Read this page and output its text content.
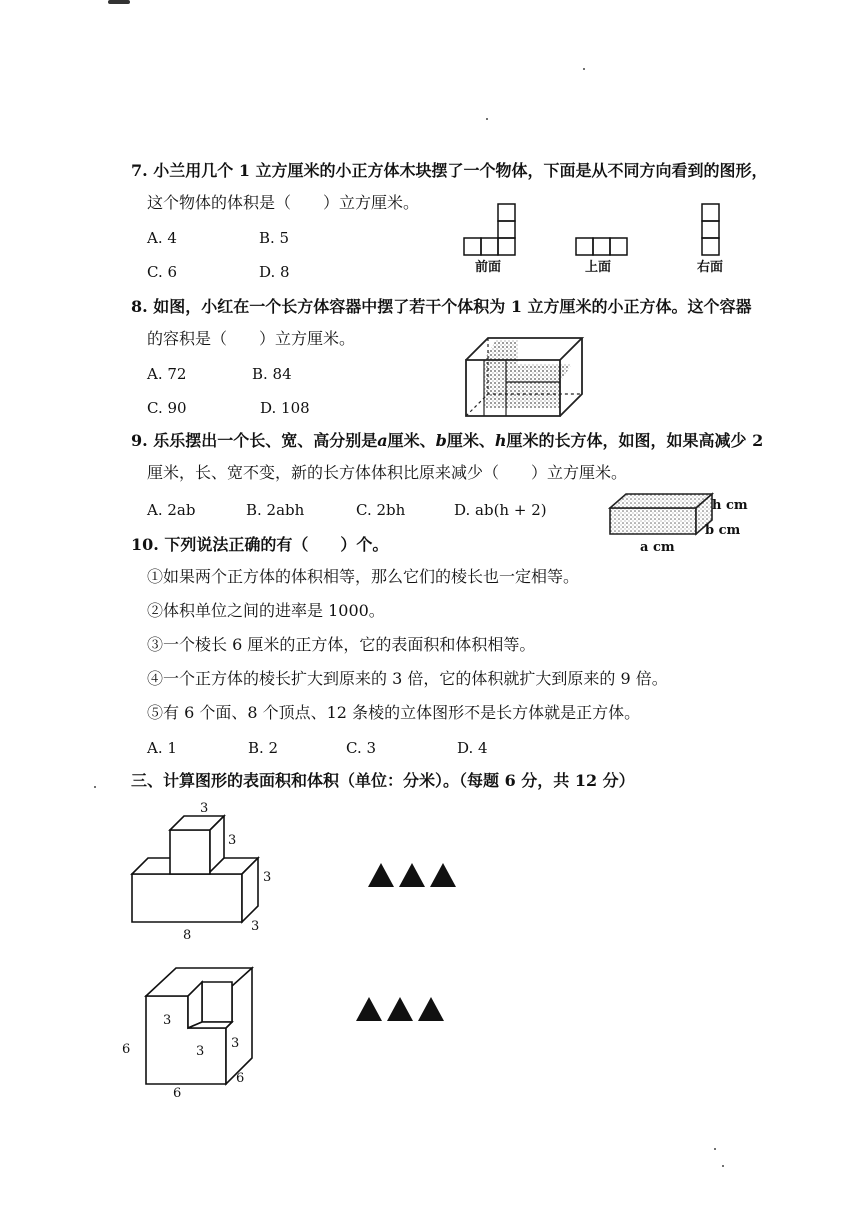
7. 小兰用几个 1 立方厘米的小正方体木块摆了一个物体，下面是从不同方向看到的图形，
这个物体的体积是（　　）立方厘米。
A. 4	B. 5
C. 6	D. 8	前面	上面	右面
8. 如图，小红在一个长方体容器中摆了若干个体积为 1 立方厘米的小正方体。这个容器
的容积是（　　）立方厘米。
A. 72	B. 84
C. 90	D. 108
9. 乐乐摆出一个长、宽、高分别是a厘米、b厘米、h厘米的长方体，如图，如果高减少 2
厘米，长、宽不变，新的长方体体积比原来减少（　　）立方厘米。
A. 2ab	B. 2abh	C. 2bh	D. ab(h + 2)	h cm
b cm
a cm
10. 下列说法正确的有（　　）个。
①如果两个正方体的体积相等，那么它们的棱长也一定相等。
②体积单位之间的进率是 1000。
③一个棱长 6 厘米的正方体，它的表面积和体积相等。
④一个正方体的棱长扩大到原来的 3 倍，它的体积就扩大到原来的 9 倍。
⑤有 6 个面、8 个顶点、12 条棱的立体图形不是长方体就是正方体。
A. 1	B. 2	C. 3	D. 4
三、计算图形的表面积和体积（单位：分米）。（每题 6 分，共 12 分）
3
3
3
3
8
3
3
3
6
6
6
